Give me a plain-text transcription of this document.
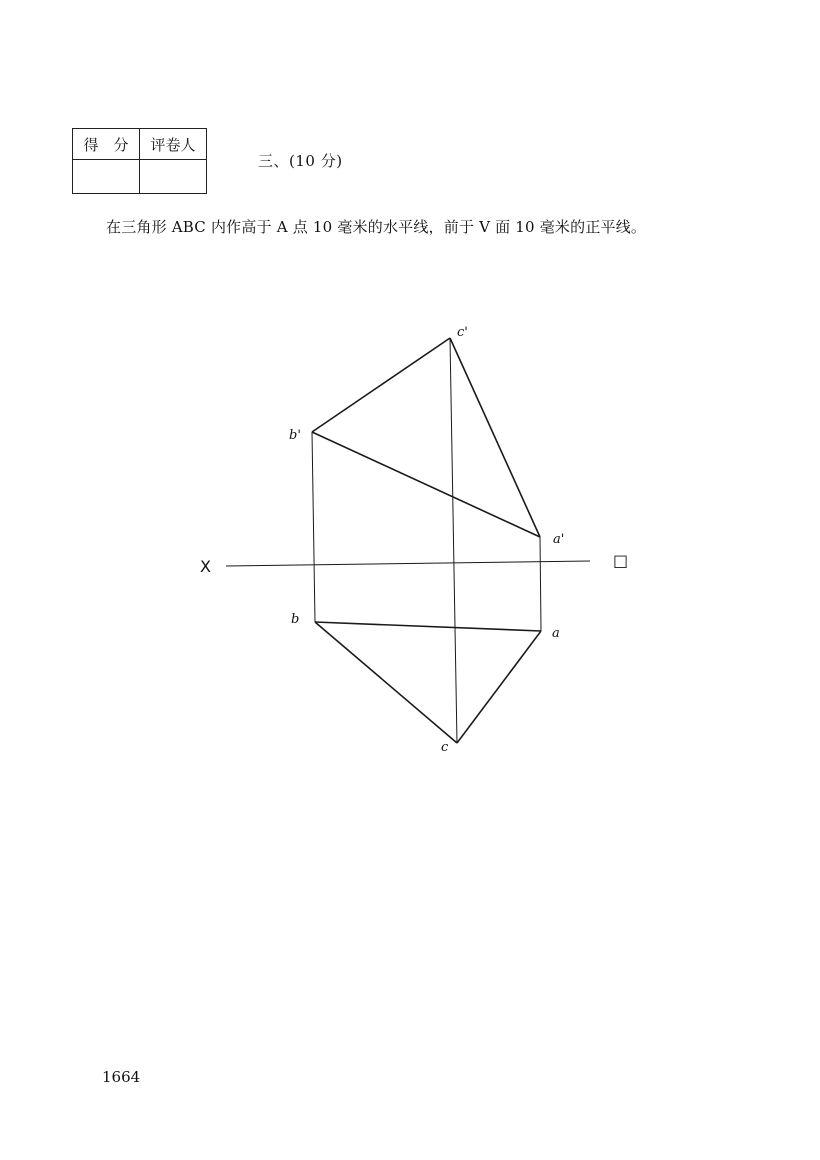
得　分	评卷人

三、(10 分)
在三角形 ABC 内作高于 A 点 10 毫米的水平线，前于 V 面 10 毫米的正平线。
c'
b'
a'
b
a
c
X	□
1664
